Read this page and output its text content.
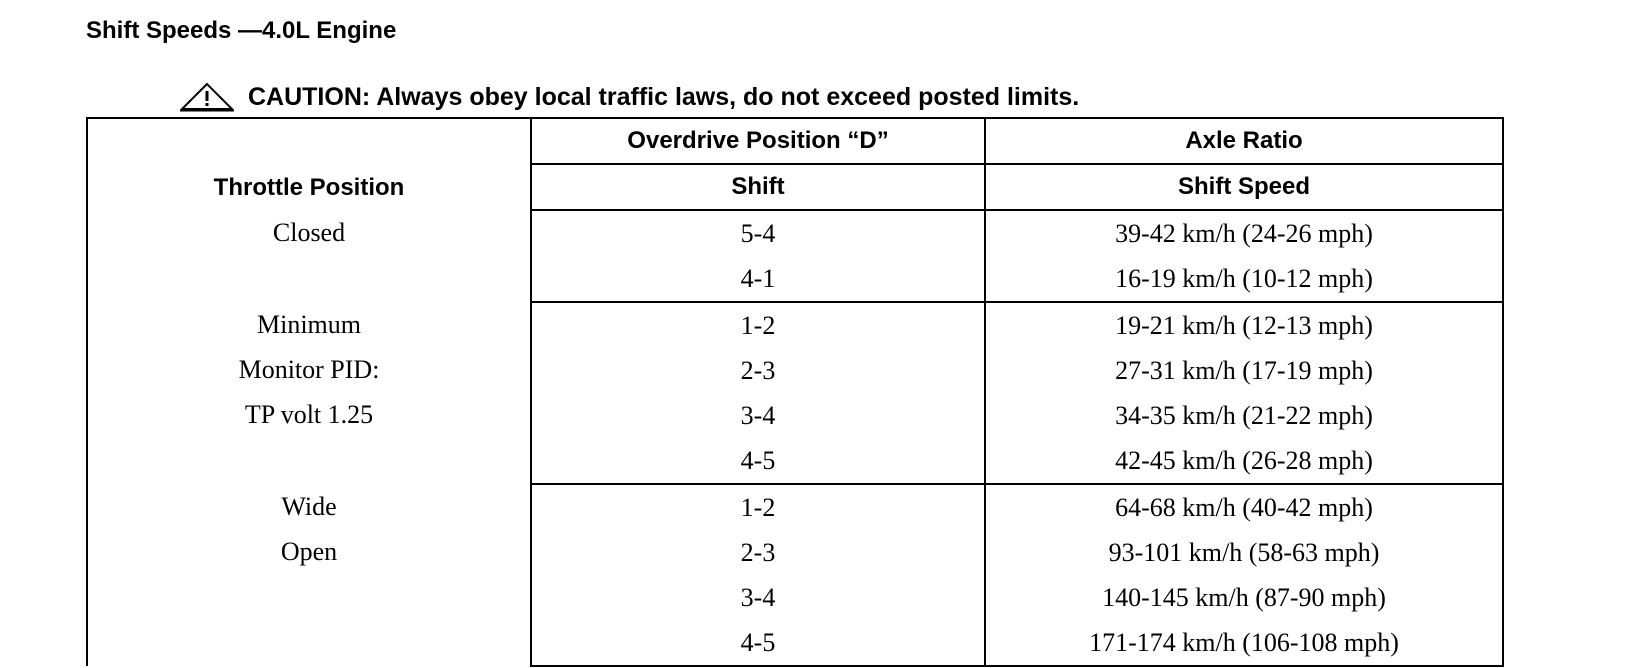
Shift Speeds —4.0L Engine
CAUTION: Always obey local traffic laws, do not exceed posted limits.
Throttle Position	Overdrive Position “D”	Axle Ratio
	Shift	Shift Speed

Closed	5-4	39-42 km/h (24-26 mph)
	4-1	16-19 km/h (10-12 mph)

Minimum
Monitor PID:
TP volt 1.25	1-2	19-21 km/h (12-13 mph)
	2-3	27-31 km/h (17-19 mph)
	3-4	34-35 km/h (21-22 mph)
	4-5	42-45 km/h (26-28 mph)

Wide
Open	1-2	64-68 km/h (40-42 mph)
	2-3	93-101 km/h (58-63 mph)
	3-4	140-145 km/h (87-90 mph)
	4-5	171-174 km/h (106-108 mph)
